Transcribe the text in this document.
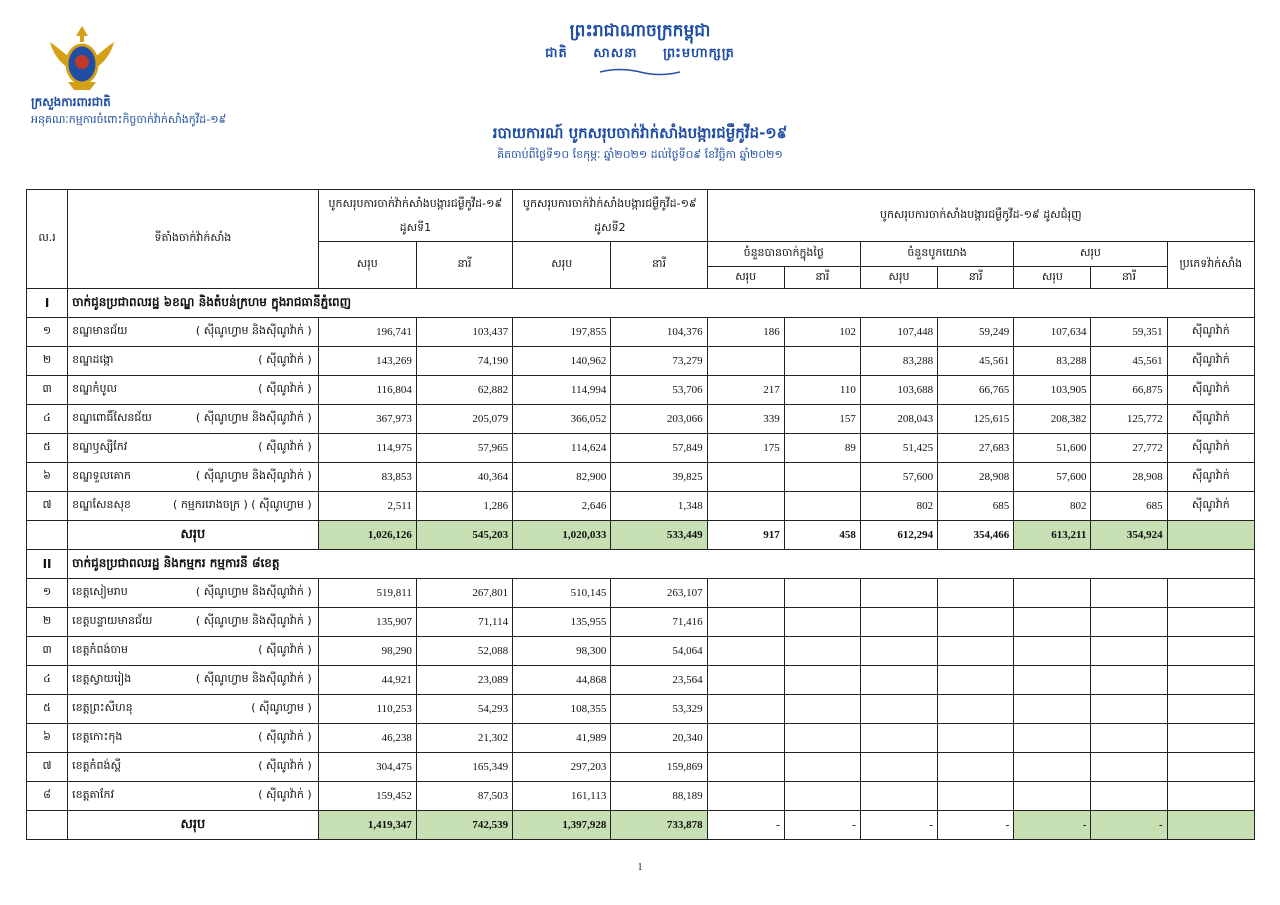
ក្រសួងការពារជាតិ
អនុគណៈកម្មការចំពោះកិច្ចចាក់វ៉ាក់សាំងកូវីដ-១៩
ព្រះរាជាណាចក្រកម្ពុជា
ជាតិ សាសនា ព្រះមហាក្សត្រ
របាយការណ៍ បូកសរុបចាក់វ៉ាក់សាំងបង្ការជម្ងឺកូវីដ-១៩
គិតចាប់ពីថ្ងៃទី១០ ខែកុម្ភៈ ឆ្នាំ២០២១ ដល់ថ្ងៃទី០៩ ខែវិច្ឆិកា ឆ្នាំ២០២១
ល.រ	ទីតាំងចាក់វ៉ាក់សាំង	បូកសរុបការចាក់វ៉ាក់សាំងបង្ការជម្ងឺកូវីដ-១៩ ដូសទី1		បូកសរុបការចាក់វ៉ាក់សាំងបង្ការជម្ងឺកូវីដ-១៩ ដូសទី2		បូកសរុបការចាក់សាំងបង្ការជម្ងឺកូវីដ-១៩ ដូសជំរុញ						
		សរុប	នារី	សរុប	នារី	ចំនួនបានចាក់ក្នុងថ្ងៃ		ចំនួនបូកយោង		សរុប		ប្រភេទវ៉ាក់សាំង
						សរុប	នារី	សរុប	នារី	សរុប	នារី	
I	ចាក់ជូនប្រជាពលរដ្ឋ ៦ខណ្ឌ និងតំបន់ក្រហម ក្នុងរាជធានីភ្នំពេញ											
១	ខណ្ឌមានជ័យ ( ស៊ីណូហ្វាម និងស៊ីណូវ៉ាក់ )	196,741	103,437	197,855	104,376	186	102	107,448	59,249	107,634	59,351	ស៊ីណូវ៉ាក់
២	ខណ្ឌដង្កោ ( ស៊ីណូវ៉ាក់ )	143,269	74,190	140,962	73,279			83,288	45,561	83,288	45,561	ស៊ីណូវ៉ាក់
៣	ខណ្ឌកំបូល ( ស៊ីណូវ៉ាក់ )	116,804	62,882	114,994	53,706	217	110	103,688	66,765	103,905	66,875	ស៊ីណូវ៉ាក់
៤	ខណ្ឌពោធិ៍សែនជ័យ ( ស៊ីណូហ្វាម និងស៊ីណូវ៉ាក់ )	367,973	205,079	366,052	203,066	339	157	208,043	125,615	208,382	125,772	ស៊ីណូវ៉ាក់
៥	ខណ្ឌឫស្សីកែវ ( ស៊ីណូវ៉ាក់ )	114,975	57,965	114,624	57,849	175	89	51,425	27,683	51,600	27,772	ស៊ីណូវ៉ាក់
៦	ខណ្ឌទួលគោក ( ស៊ីណូហ្វាម និងស៊ីណូវ៉ាក់ )	83,853	40,364	82,900	39,825			57,600	28,908	57,600	28,908	ស៊ីណូវ៉ាក់
៧	ខណ្ឌសែនសុខ ( កម្មកររោងចក្រ ) ( ស៊ីណូហ្វាម )	2,511	1,286	2,646	1,348			802	685	802	685	ស៊ីណូវ៉ាក់
	សរុប	1,026,126	545,203	1,020,033	533,449	917	458	612,294	354,466	613,211	354,924	
II	ចាក់ជូនប្រជាពលរដ្ឋ និងកម្មករ កម្មការនី ៨ខេត្ត											
១	ខេត្តសៀមរាប ( ស៊ីណូហ្វាម និងស៊ីណូវ៉ាក់ )	519,811	267,801	510,145	263,107							
២	ខេត្តបន្ទាយមានជ័យ ( ស៊ីណូហ្វាម និងស៊ីណូវ៉ាក់ )	135,907	71,114	135,955	71,416							
៣	ខេត្តកំពង់ចាម ( ស៊ីណូវ៉ាក់ )	98,290	52,088	98,300	54,064							
៤	ខេត្តស្វាយរៀង ( ស៊ីណូហ្វាម និងស៊ីណូវ៉ាក់ )	44,921	23,089	44,868	23,564							
៥	ខេត្តព្រះសីហនុ ( ស៊ីណូហ្វាម )	110,253	54,293	108,355	53,329							
៦	ខេត្តកោះកុង ( ស៊ីណូវ៉ាក់ )	46,238	21,302	41,989	20,340							
៧	ខេត្តកំពង់ស្ពឺ ( ស៊ីណូវ៉ាក់ )	304,475	165,349	297,203	159,869							
៨	ខេត្តតាកែវ ( ស៊ីណូវ៉ាក់ )	159,452	87,503	161,113	88,189							
	សរុប	1,419,347	742,539	1,397,928	733,878	-	-	-	-	-	-	
1
